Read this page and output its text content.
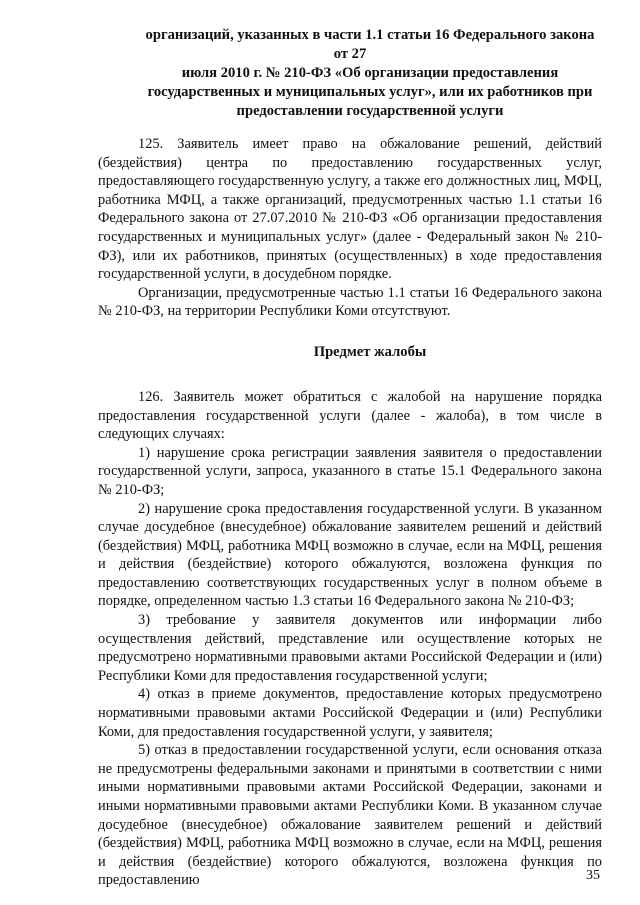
организаций, указанных в части 1.1 статьи 16 Федерального закона от 27

июля 2010 г. № 210-ФЗ «Об организации предоставления

государственных и муниципальных услуг», или их работников при

предоставлении государственной услуги

125. Заявитель имеет право на обжалование решений, действий (бездействия) центра по предоставлению государственных услуг, предоставляющего государственную услугу, а также его должностных лиц, МФЦ, работника МФЦ, а также организаций, предусмотренных частью 1.1 статьи 16 Федерального закона от 27.07.2010 № 210-ФЗ «Об организации предоставления государственных и муниципальных услуг» (далее - Федеральный закон № 210-ФЗ), или их работников, принятых (осуществленных) в ходе предоставления государственной услуги, в досудебном порядке.

Организации, предусмотренные частью 1.1 статьи 16 Федерального закона № 210-ФЗ, на территории Республики Коми отсутствуют.

Предмет жалобы

126. Заявитель может обратиться с жалобой на нарушение порядка предоставления государственной услуги (далее - жалоба), в том числе в следующих случаях:

1) нарушение срока регистрации заявления заявителя о предоставлении государственной услуги, запроса, указанного в статье 15.1 Федерального закона № 210-ФЗ;

2) нарушение срока предоставления государственной услуги. В указанном случае досудебное (внесудебное) обжалование заявителем решений и действий (бездействия) МФЦ, работника МФЦ возможно в случае, если на МФЦ, решения и действия (бездействие) которого обжалуются, возложена функция по предоставлению соответствующих государственных услуг в полном объеме в порядке, определенном частью 1.3 статьи 16 Федерального закона № 210-ФЗ;

3) требование у заявителя документов или информации либо осуществления действий, представление или осуществление которых не предусмотрено нормативными правовыми актами Российской Федерации и (или) Республики Коми для предоставления государственной услуги;

4) отказ в приеме документов, предоставление которых предусмотрено нормативными правовыми актами Российской Федерации и (или) Республики Коми, для предоставления государственной услуги, у заявителя;

5) отказ в предоставлении государственной услуги, если основания отказа не предусмотрены федеральными законами и принятыми в соответствии с ними иными нормативными правовыми актами Российской Федерации, законами и иными нормативными правовыми актами Республики Коми. В указанном случае досудебное (внесудебное) обжалование заявителем решений и действий (бездействия) МФЦ, работника МФЦ возможно в случае, если на МФЦ, решения и действия (бездействие) которого обжалуются, возложена функция по предоставлению	35
